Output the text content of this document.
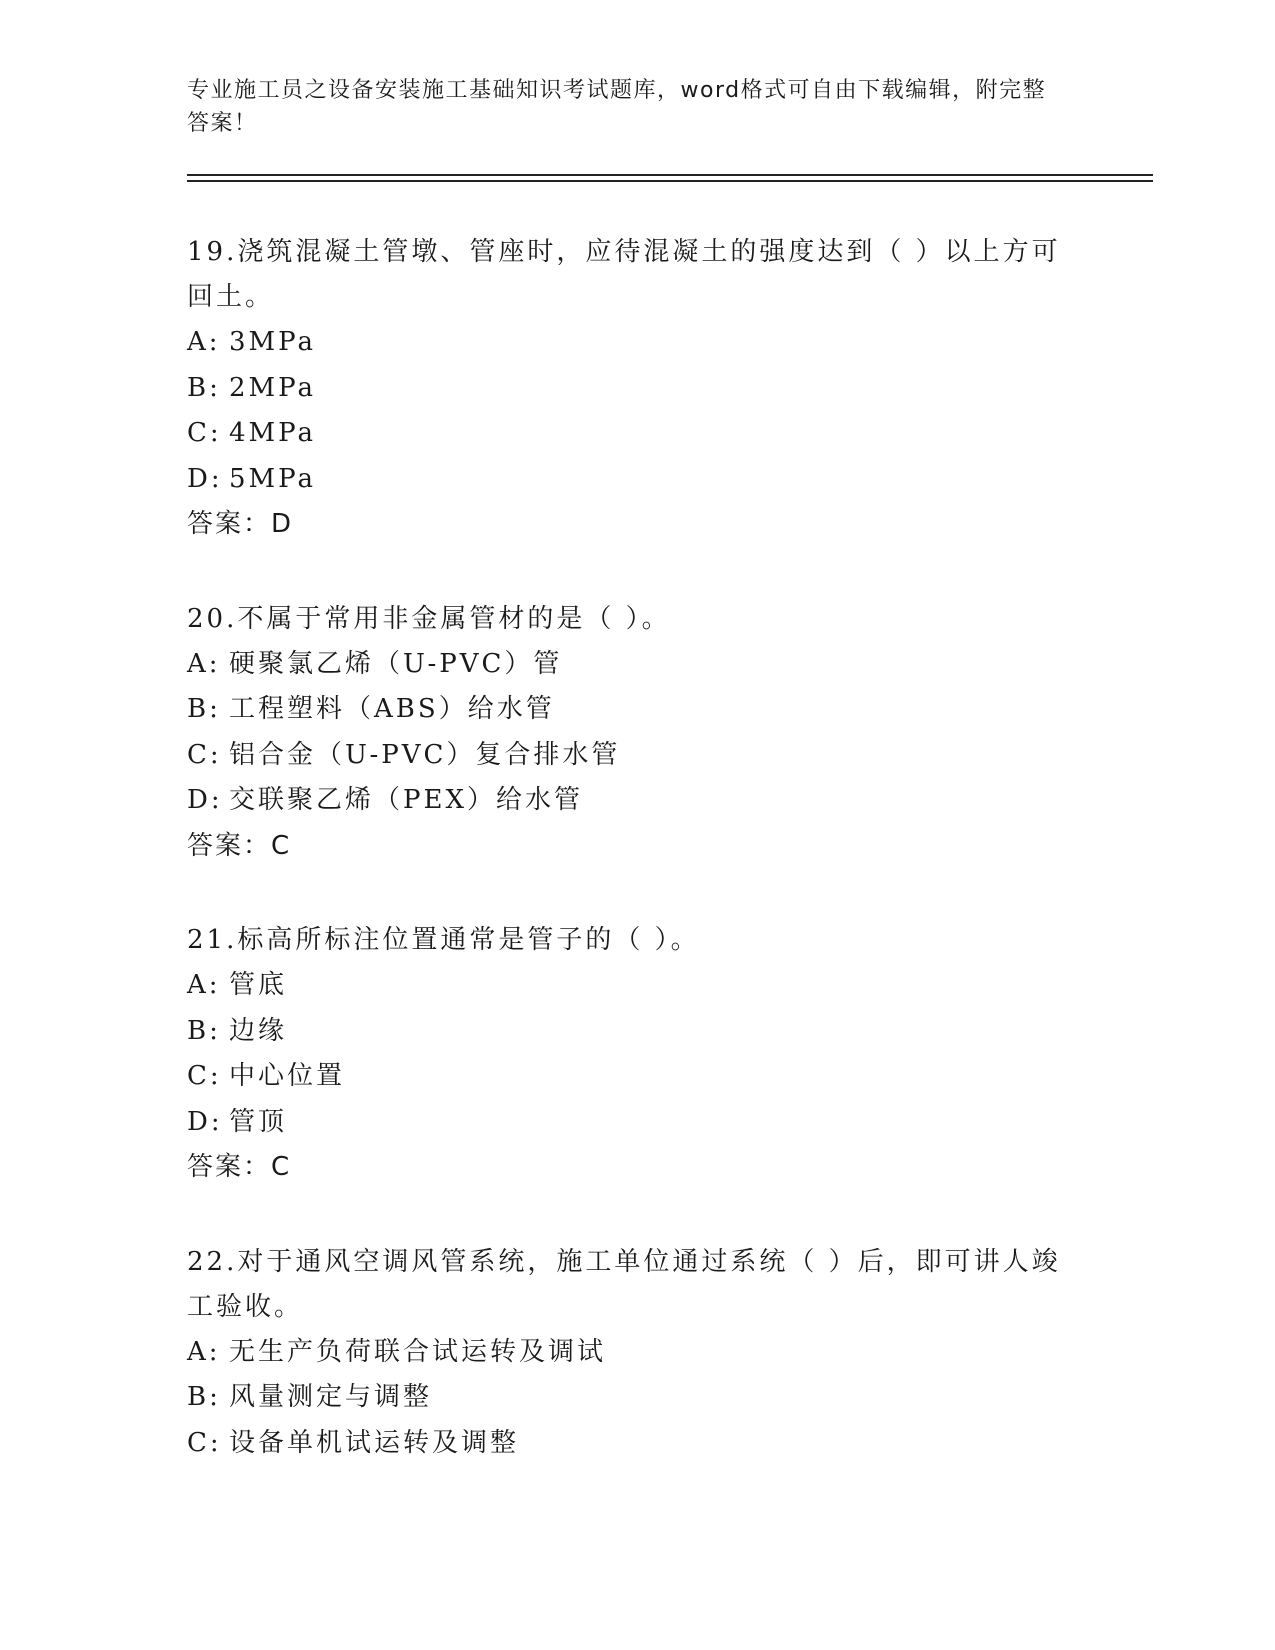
专业施工员之设备安装施工基础知识考试题库，word格式可自由下载编辑，附完整答案！
19.浇筑混凝土管墩、管座时，应待混凝土的强度达到（ ）以上方可回土。
A: 3MPa
B: 2MPa
C: 4MPa
D: 5MPa
答案：D
20.不属于常用非金属管材的是（ ）。
A: 硬聚氯乙烯（U-PVC）管
B: 工程塑料（ABS）给水管
C: 铝合金（U-PVC）复合排水管
D: 交联聚乙烯（PEX）给水管
答案：C
21.标高所标注位置通常是管子的（ ）。
A: 管底
B: 边缘
C: 中心位置
D: 管顶
答案：C
22.对于通风空调风管系统，施工单位通过系统（ ）后，即可讲人竣工验收。
A: 无生产负荷联合试运转及调试
B: 风量测定与调整
C: 设备单机试运转及调整
